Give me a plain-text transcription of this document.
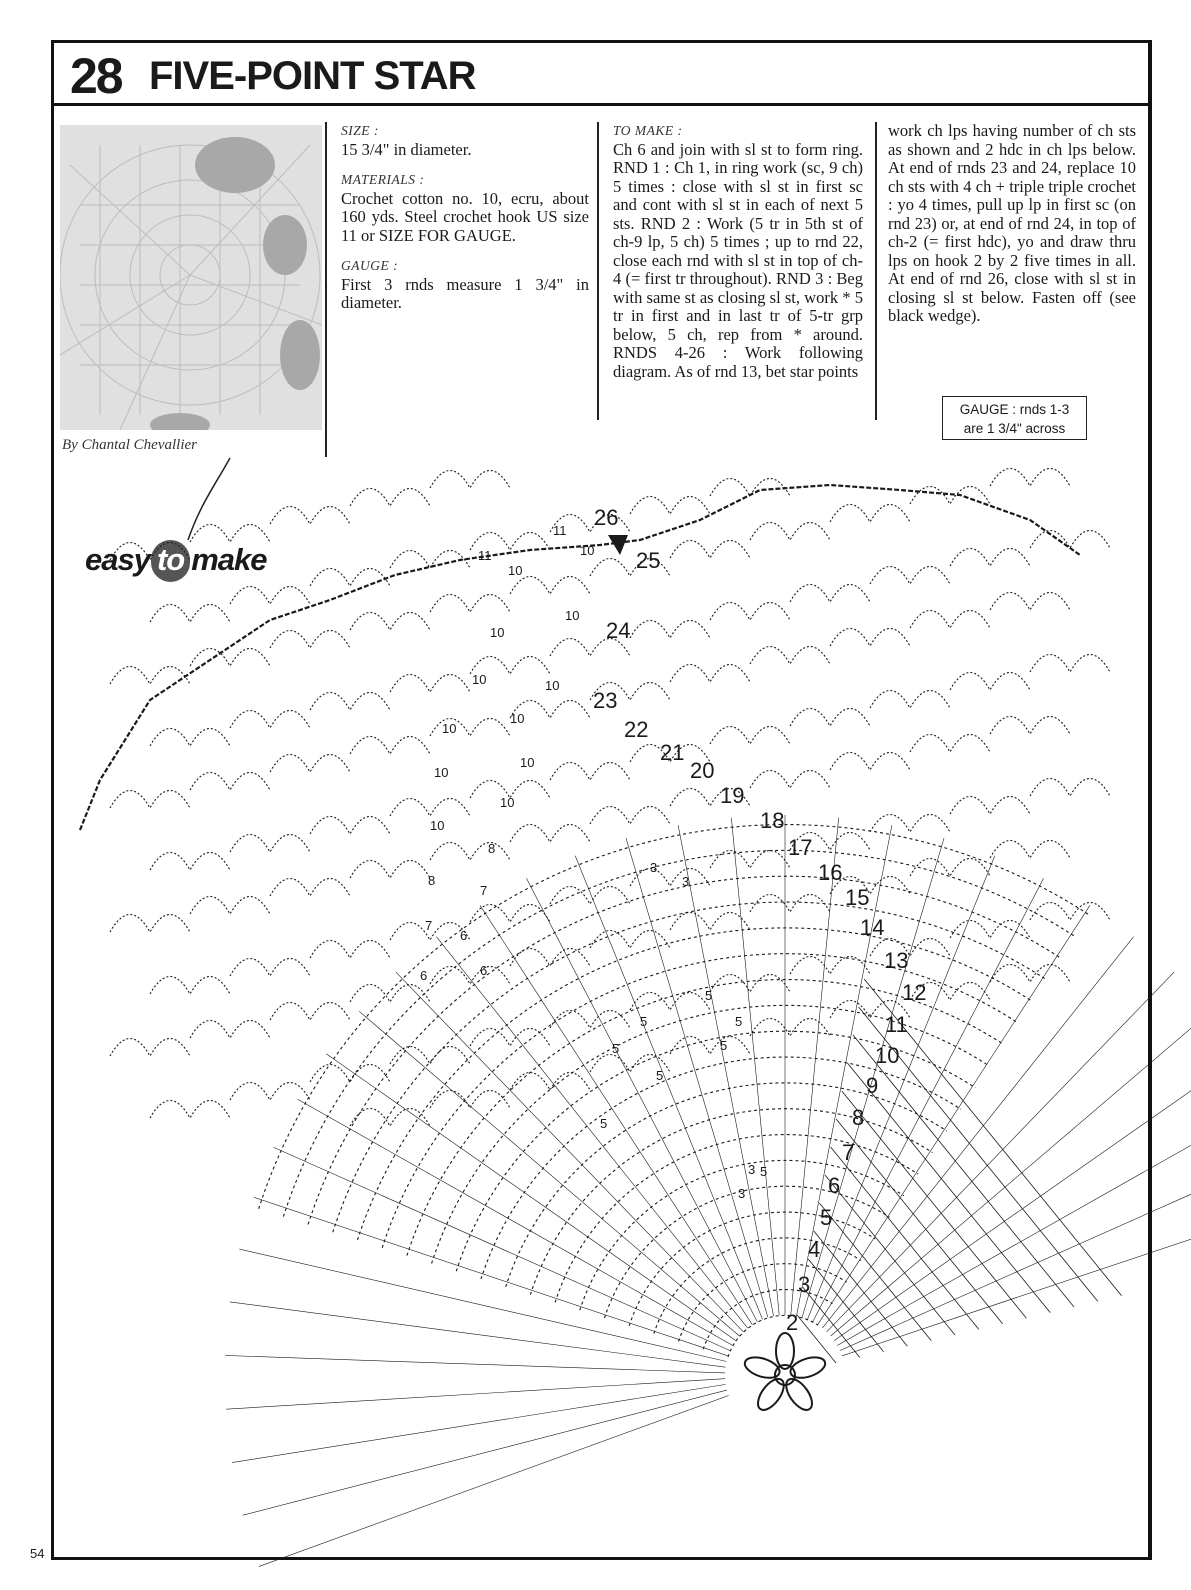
28 FIVE-POINT STAR
By Chantal Chevallier

SIZE :
15 3/4" in diameter.

MATERIALS :
Crochet cotton no. 10, ecru, about 160 yds. Steel crochet hook US size 11 or SIZE FOR GAUGE.

GAUGE :
First 3 rnds measure 1 3/4" in diameter.

TO MAKE :
Ch 6 and join with sl st to form ring. RND 1 : Ch 1, in ring work (sc, 9 ch) 5 times : close with sl st in first sc and cont with sl st in each of next 5 sts. RND 2 : Work (5 tr in 5th st of ch-9 lp, 5 ch) 5 times ; up to rnd 22, close each rnd with sl st in top of ch-4 (= first tr throughout). RND 3 : Beg with same st as closing sl st, work * 5 tr in first and in last tr of 5-tr grp below, 5 ch, rep from * around. RNDS 4-26 : Work following diagram. As of rnd 13, bet star points

work ch lps having number of ch sts as shown and 2 hdc in ch lps below. At end of rnds 23 and 24, replace 10 ch sts with 4 ch + triple triple crochet : yo 4 times, pull up lp in first sc (on rnd 23) or, at end of rnd 24, in top of ch-2 (= first hdc), yo and draw thru lps on hook 2 by 2 five times in all. At end of rnd 26, close with sl st in closing sl st below. Fasten off (see black wedge).

GAUGE : rnds 1-3
are 1 3/4" across
easy to make
2
3
4
5
6
7
8
9
10
11
12
13
14
15
16
17
18
19
20
21
22
23
24
25
26
5
5
5
5	5
5
5
5
3
3
3
3
10
10
10
10
10
10
10
10
10
10
10
10
8
8
7
7
6
6
6
11
11
54
